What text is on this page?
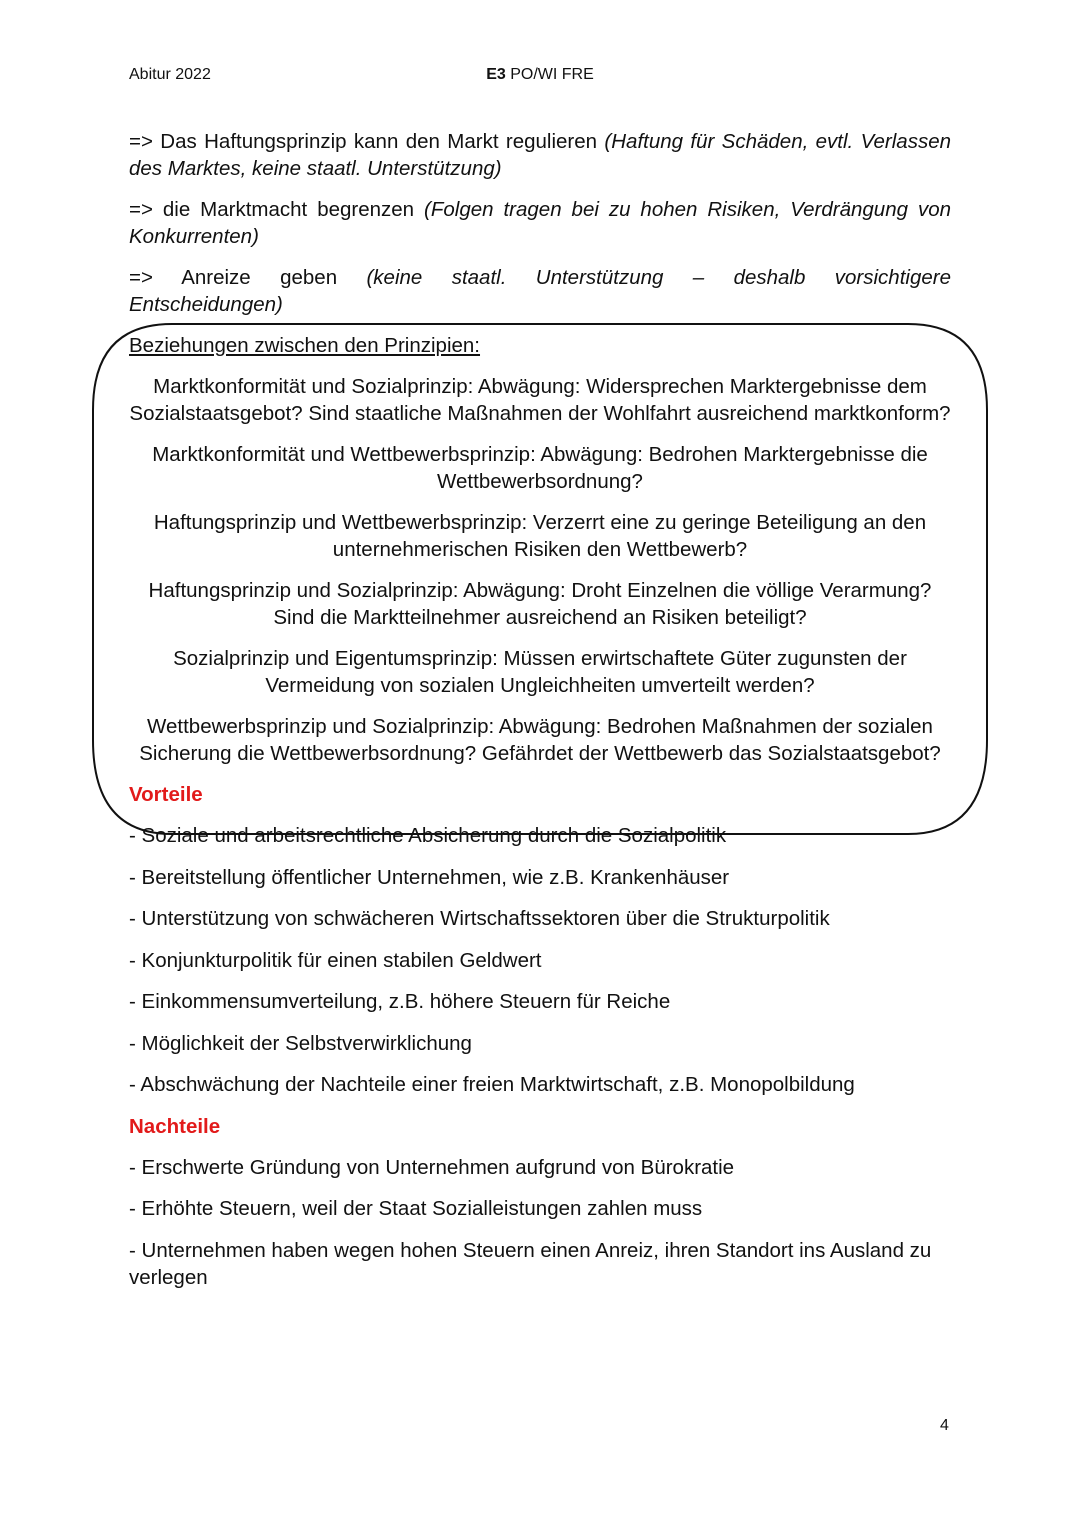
Abitur 2022	E3 PO/WI FRE

=> Das Haftungsprinzip kann den Markt regulieren (Haftung für Schäden, evtl. Verlassen des Marktes, keine staatl. Unterstützung)

=> die Marktmacht begrenzen (Folgen tragen bei zu hohen Risiken, Verdrängung von Konkurrenten)

=> Anreize geben (keine staatl. Unterstützung – deshalb vorsichtigere Entscheidungen)

Beziehungen zwischen den Prinzipien:
Marktkonformität und Sozialprinzip: Abwägung: Widersprechen Marktergebnisse dem Sozialstaatsgebot? Sind staatliche Maßnahmen der Wohlfahrt ausreichend marktkonform?
Marktkonformität und Wettbewerbsprinzip: Abwägung: Bedrohen Marktergebnisse die Wettbewerbsordnung?
Haftungsprinzip und Wettbewerbsprinzip: Verzerrt eine zu geringe Beteiligung an den unternehmerischen Risiken den Wettbewerb?
Haftungsprinzip und Sozialprinzip: Abwägung: Droht Einzelnen die völlige Verarmung? Sind die Marktteilnehmer ausreichend an Risiken beteiligt?
Sozialprinzip und Eigentumsprinzip: Müssen erwirtschaftete Güter zugunsten der Vermeidung von sozialen Ungleichheiten umverteilt werden?
Wettbewerbsprinzip und Sozialprinzip: Abwägung: Bedrohen Maßnahmen der sozialen Sicherung die Wettbewerbsordnung? Gefährdet der Wettbewerb das Sozialstaatsgebot?
Vorteile
- Soziale und arbeitsrechtliche Absicherung durch die Sozialpolitik
- Bereitstellung öffentlicher Unternehmen, wie z.B. Krankenhäuser
- Unterstützung von schwächeren Wirtschaftssektoren über die Strukturpolitik
- Konjunkturpolitik für einen stabilen Geldwert
- Einkommensumverteilung, z.B. höhere Steuern für Reiche
- Möglichkeit der Selbstverwirklichung
- Abschwächung der Nachteile einer freien Marktwirtschaft, z.B. Monopolbildung
Nachteile
- Erschwerte Gründung von Unternehmen aufgrund von Bürokratie
- Erhöhte Steuern, weil der Staat Sozialleistungen zahlen muss
- Unternehmen haben wegen hohen Steuern einen Anreiz, ihren Standort ins Ausland zu verlegen
4
